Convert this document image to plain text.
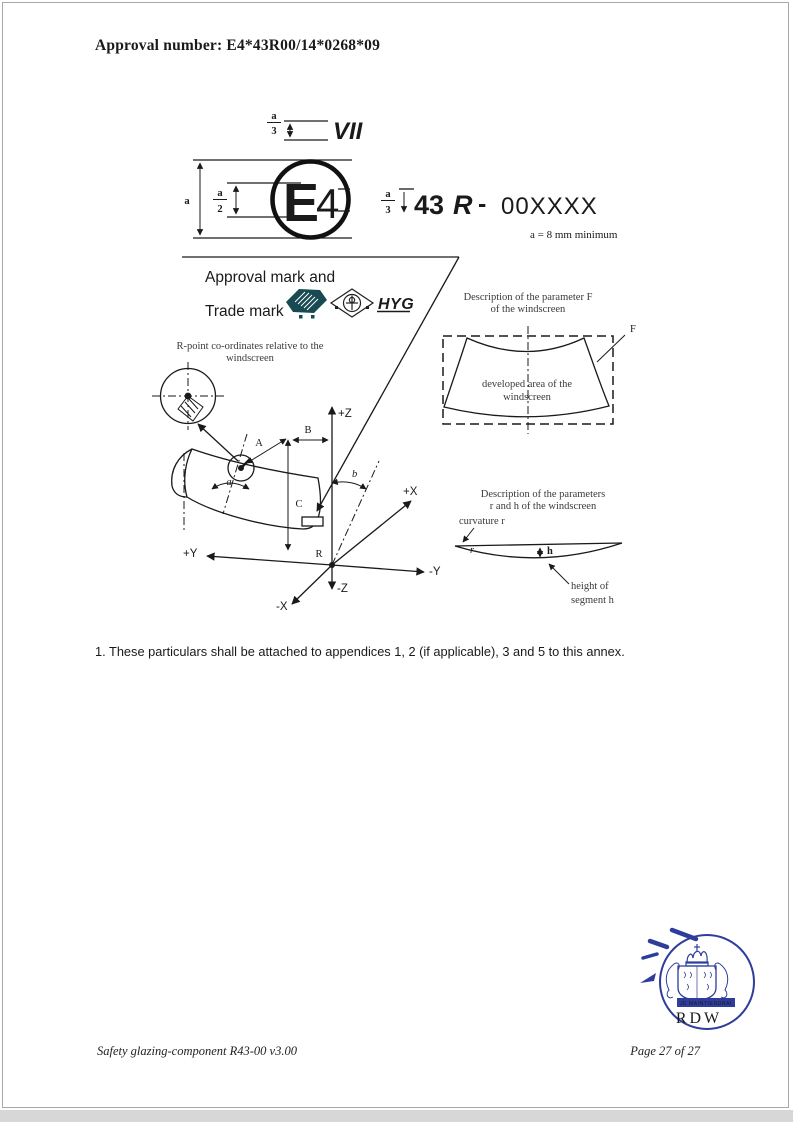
Approval number: E4*43R00/14*0268*09
a
3 VII
a
a
2 E
4	a
3 43 R - 00XXXX
a = 8 mm minimum
Approval mark and
Trade mark	HYG
R-point co-ordinates relative to the
windscreen
A
B
C
a
+Z
-Z
+Y
-Y
+X
-X
R
b
Description of the parameter F
of the windscreen
developed area of the
windscreen
F
Description of the parameters
r and h of the windscreen
curvature r
r	h
height of
segment h
JE MAINTIENDRAI
RDW
1. These particulars shall be attached to appendices 1, 2 (if applicable), 3 and 5 to this annex.
Safety glazing-component R43-00 v3.00	Page 27 of 27
